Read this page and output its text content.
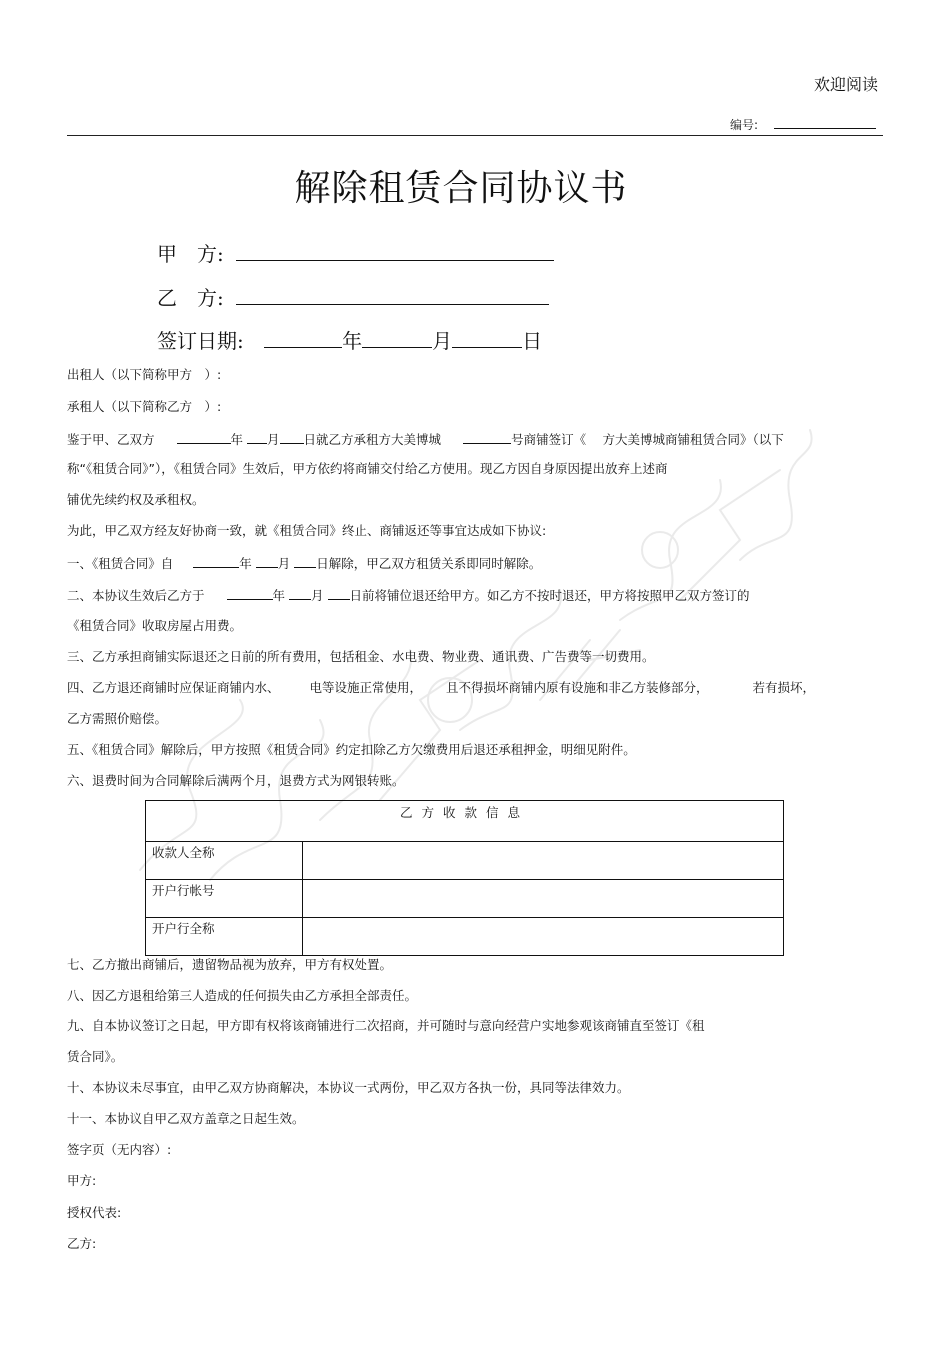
欢迎阅读
编号:
解除租赁合同协议书
甲　方:
乙　方:
签订日期:	年	月	日
出租人（以下简称甲方　）:
承租人（以下简称乙方　）:
鉴于甲、乙双方	年 月 日就乙方承租方大美博城	号商铺签订《　 方大美博城商铺租赁合同》（以下
称“《租赁合同》”），《租赁合同》生效后，甲方依约将商铺交付给乙方使用。现乙方因自身原因提出放弃上述商
铺优先续约权及承租权。
为此，甲乙双方经友好协商一致，就《租赁合同》终止、商铺返还等事宜达成如下协议:
一、《租赁合同》自	年 月 日解除，甲乙双方租赁关系即同时解除。
二、本协议生效后乙方于	年 月 日前将铺位退还给甲方。如乙方不按时退还，甲方将按照甲乙双方签订的
《租赁合同》收取房屋占用费。
三、乙方承担商铺实际退还之日前的所有费用，包括租金、水电费、物业费、通讯费、广告费等一切费用。
四、乙方退还商铺时应保证商铺内水、 电等设施正常使用， 且不得损坏商铺内原有设施和非乙方装修部分，	若有损坏，
乙方需照价赔偿。
五、《租赁合同》解除后，甲方按照《租赁合同》约定扣除乙方欠缴费用后退还承租押金，明细见附件。
六、退费时间为合同解除后满两个月，退费方式为网银转账。
乙方收款信息	
收款人全称	
开户行帐号	
开户行全称	
七、乙方撤出商铺后，遗留物品视为放弃，甲方有权处置。
八、因乙方退租给第三人造成的任何损失由乙方承担全部责任。
九、自本协议签订之日起，甲方即有权将该商铺进行二次招商，并可随时与意向经营户实地参观该商铺直至签订《租
赁合同》。
十、本协议未尽事宜，由甲乙双方协商解决，本协议一式两份，甲乙双方各执一份，具同等法律效力。
十一、本协议自甲乙双方盖章之日起生效。
签字页（无内容）:
甲方:
授权代表:
乙方:
